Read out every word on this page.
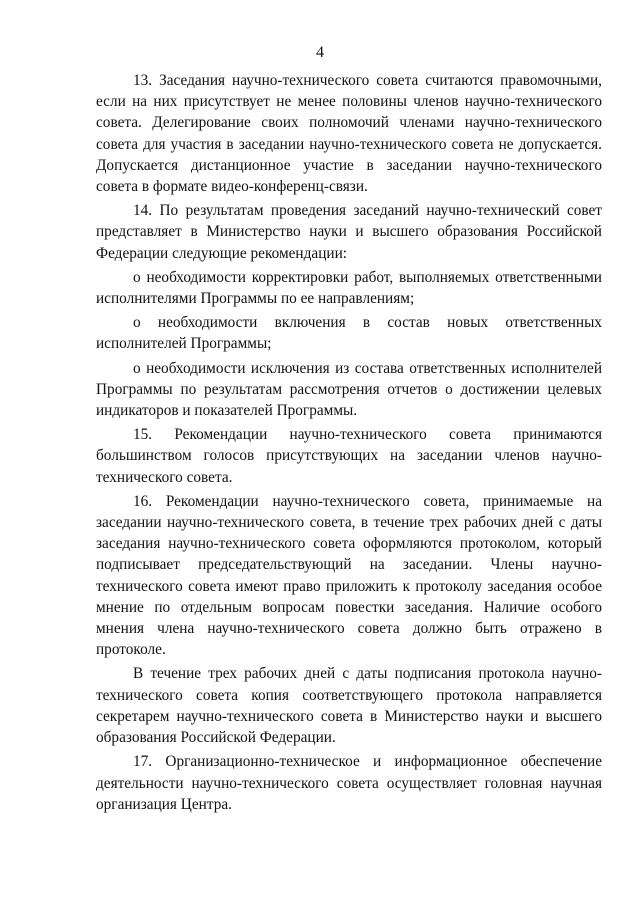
4

13. Заседания научно-технического совета считаются правомочными, если на них присутствует не менее половины членов научно-технического совета. Делегирование своих полномочий членами научно-технического совета для участия в заседании научно-технического совета не допускается. Допускается дистанционное участие в заседании научно-технического совета в формате видео-конференц-связи.

14. По результатам проведения заседаний научно-технический совет представляет в Министерство науки и высшего образования Российской Федерации следующие рекомендации:

о необходимости корректировки работ, выполняемых ответственными исполнителями Программы по ее направлениям;

о необходимости включения в состав новых ответственных исполнителей Программы;

о необходимости исключения из состава ответственных исполнителей Программы по результатам рассмотрения отчетов о достижении целевых индикаторов и показателей Программы.

15. Рекомендации научно-технического совета принимаются большинством голосов присутствующих на заседании членов научно-технического совета.

16. Рекомендации научно-технического совета, принимаемые на заседании научно-технического совета, в течение трех рабочих дней с даты заседания научно-технического совета оформляются протоколом, который подписывает председательствующий на заседании. Члены научно-технического совета имеют право приложить к протоколу заседания особое мнение по отдельным вопросам повестки заседания. Наличие особого мнения члена научно-технического совета должно быть отражено в протоколе.

В течение трех рабочих дней с даты подписания протокола научно-технического совета копия соответствующего протокола направляется секретарем научно-технического совета в Министерство науки и высшего образования Российской Федерации.

17. Организационно-техническое и информационное обеспечение деятельности научно-технического совета осуществляет головная научная организация Центра.
